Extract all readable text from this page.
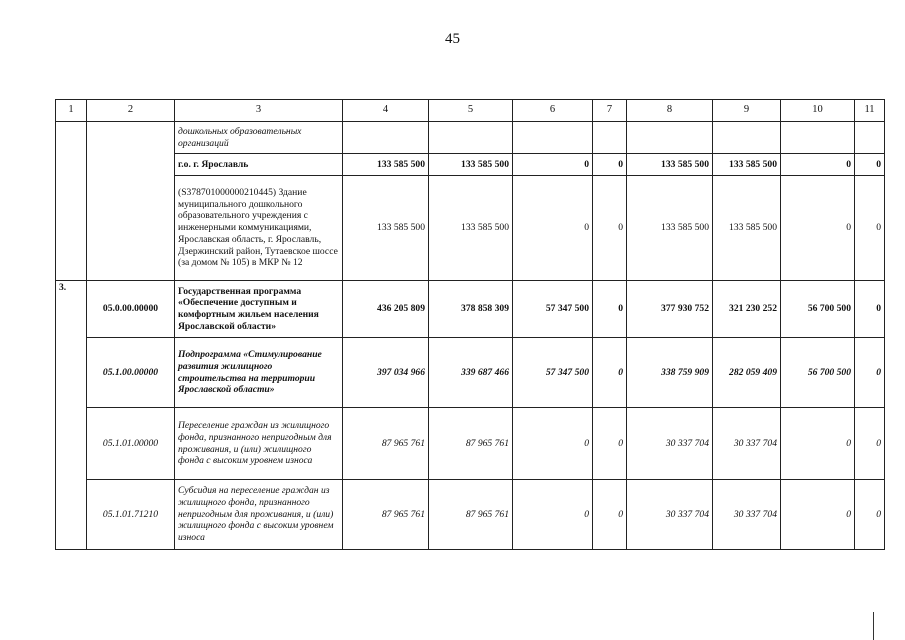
45
1	2	3	4	5	6	7	8	9	10	11
		дошкольных образовательных организаций								
		г.о. г. Ярославль	133 585 500	133 585 500	0	0	133 585 500	133 585 500	0	0
		(S378701000000210445) Здание муниципального дошкольного образовательного учреждения с инженерными коммуникациями, Ярославская область, г. Ярославль, Дзержинский район, Тутаевское шоссе (за домом № 105) в МКР № 12	133 585 500	133 585 500	0	0	133 585 500	133 585 500	0	0
3.	05.0.00.00000	Государственная программа «Обеспечение доступным и комфортным жильем населения Ярославской области»	436 205 809	378 858 309	57 347 500	0	377 930 752	321 230 252	56 700 500	0
	05.1.00.00000	Подпрограмма «Стимулирование развития жилищного строительства на территории Ярославской области»	397 034 966	339 687 466	57 347 500	0	338 759 909	282 059 409	56 700 500	0
	05.1.01.00000	Переселение граждан из жилищного фонда, признанного непригодным для проживания, и (или) жилищного фонда с высоким уровнем износа	87 965 761	87 965 761	0	0	30 337 704	30 337 704	0	0
	05.1.01.71210	Субсидия на переселение граждан из жилищного фонда, признанного непригодным для проживания, и (или) жилищного фонда с высоким уровнем износа	87 965 761	87 965 761	0	0	30 337 704	30 337 704	0	0
